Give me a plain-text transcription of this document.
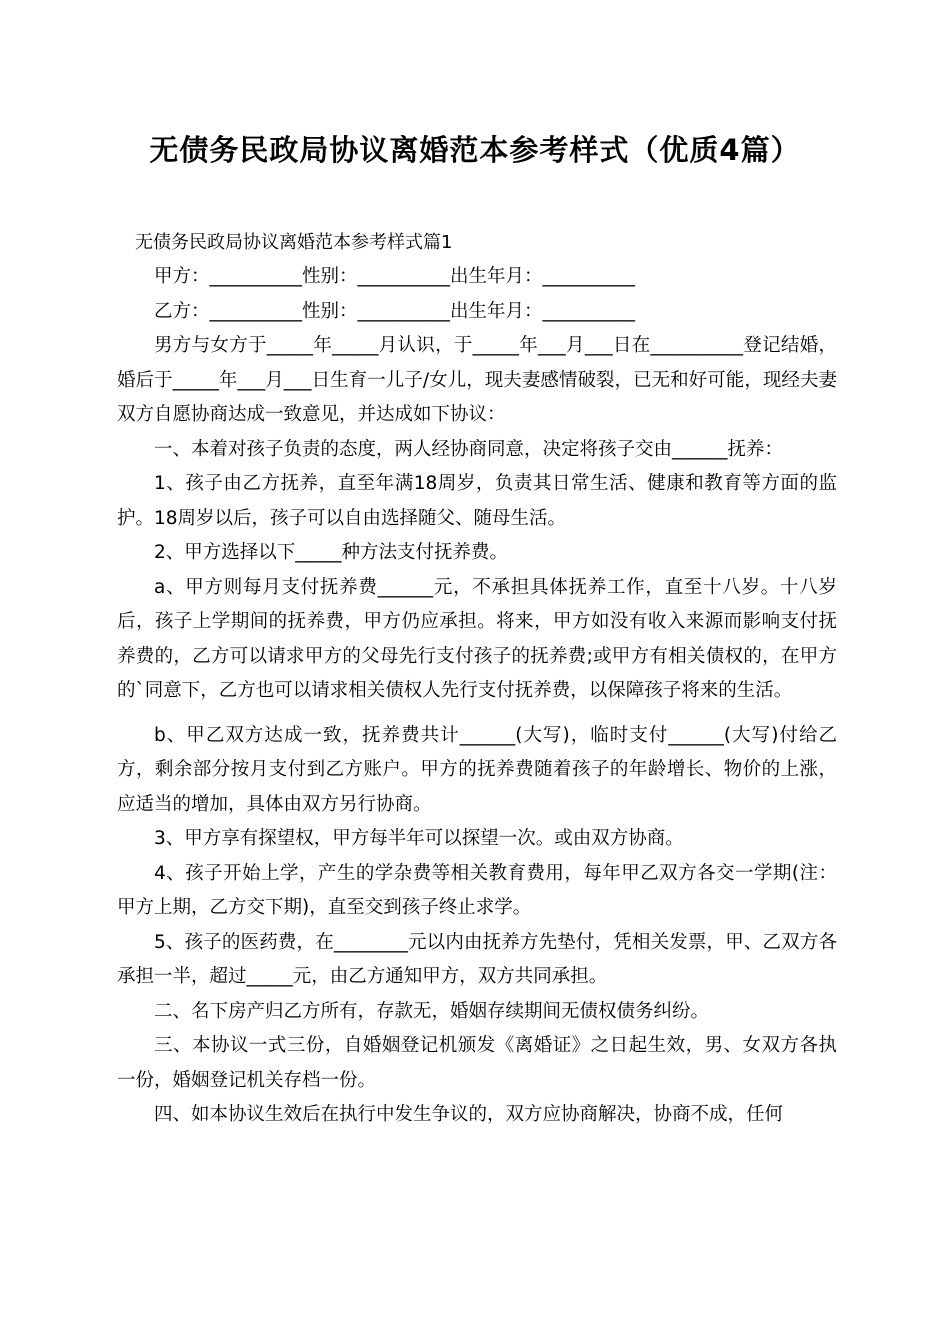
无债务民政局协议离婚范本参考样式（优质4篇）
无债务民政局协议离婚范本参考样式篇1

甲方：__________性别：__________出生年月：__________

乙方：__________性别：__________出生年月：__________

男方与女方于_____年_____月认识，于_____年___月___日在__________登记结婚，婚后于_____年___月___日生育一儿子/女儿，现夫妻感情破裂，已无和好可能，现经夫妻双方自愿协商达成一致意见，并达成如下协议：

一、本着对孩子负责的态度，两人经协商同意，决定将孩子交由______抚养：

1、孩子由乙方抚养，直至年满18周岁，负责其日常生活、健康和教育等方面的监护。18周岁以后，孩子可以自由选择随父、随母生活。

2、甲方选择以下_____种方法支付抚养费。

a、甲方则每月支付抚养费______元，不承担具体抚养工作，直至十八岁。十八岁后，孩子上学期间的抚养费，甲方仍应承担。将来，甲方如没有收入来源而影响支付抚养费的，乙方可以请求甲方的父母先行支付孩子的抚养费;或甲方有相关债权的，在甲方的`同意下，乙方也可以请求相关债权人先行支付抚养费，以保障孩子将来的生活。

b、甲乙双方达成一致，抚养费共计______(大写)，临时支付______(大写)付给乙方，剩余部分按月支付到乙方账户。甲方的抚养费随着孩子的年龄增长、物价的上涨，应适当的增加，具体由双方另行协商。

3、甲方享有探望权，甲方每半年可以探望一次。或由双方协商。

4、孩子开始上学，产生的学杂费等相关教育费用，每年甲乙双方各交一学期(注：甲方上期，乙方交下期)，直至交到孩子终止求学。

5、孩子的医药费，在________元以内由抚养方先垫付，凭相关发票，甲、乙双方各承担一半，超过_____元，由乙方通知甲方，双方共同承担。

二、名下房产归乙方所有，存款无，婚姻存续期间无债权债务纠纷。

三、本协议一式三份，自婚姻登记机颁发《离婚证》之日起生效，男、女双方各执一份，婚姻登记机关存档一份。

四、如本协议生效后在执行中发生争议的，双方应协商解决，协商不成，任何
